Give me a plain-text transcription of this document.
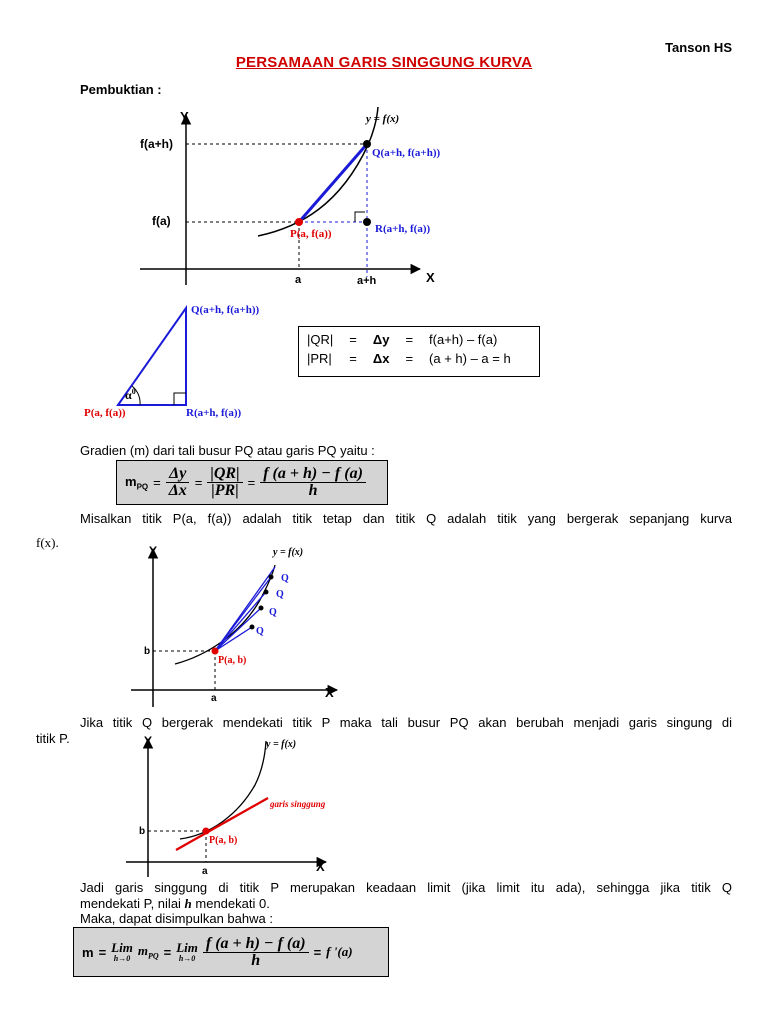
Tanson HS
PERSAMAAN GARIS SINGGUNG KURVA
Pembuktian :
Y
X
y = f(x)
f(a+h)
f(a)
a	a+h
Q(a+h, f(a+h))
P(a, f(a))	R(a+h, f(a))
$\alpha^0$
Q(a+h, f(a+h))
P(a, f(a))	R(a+h, f(a))
|QR|	=	Δy	=	f(a+h) – f(a)
|PR|	=	Δx	=	(a + h) – a = h
Gradien (m) dari tali busur PQ atau garis PQ yaitu :
$m_{PQ} = \frac{\Delta y}{\Delta x} = \frac{|QR|}{|PR|} = \frac{f (a + h) - f (a)}{h}$
Misalkan titik P(a, f(a)) adalah titik tetap dan titik Q adalah titik yang bergerak sepanjang kurva
f(x).
Y
X
y = f(x)
Q
Q
Q
Q
b
a
P(a, b)
Jika titik Q bergerak mendekati titik P maka tali busur PQ akan berubah menjadi garis singung di
titik P.	Y
X
y = f(x)
b
a
P(a, b)
garis singgung
Jadi garis singgung di titik P merupakan keadaan limit (jika limit itu ada), sehingga jika titik Q
mendekati P, nilai h mendekati 0.
Maka, dapat disimpulkan bahwa :
m = Lim
h→0
$m_{PQ}$ = Lim
$h\to 0 \frac{f (a + h) - f (a)}{h} = f$ '(a)
